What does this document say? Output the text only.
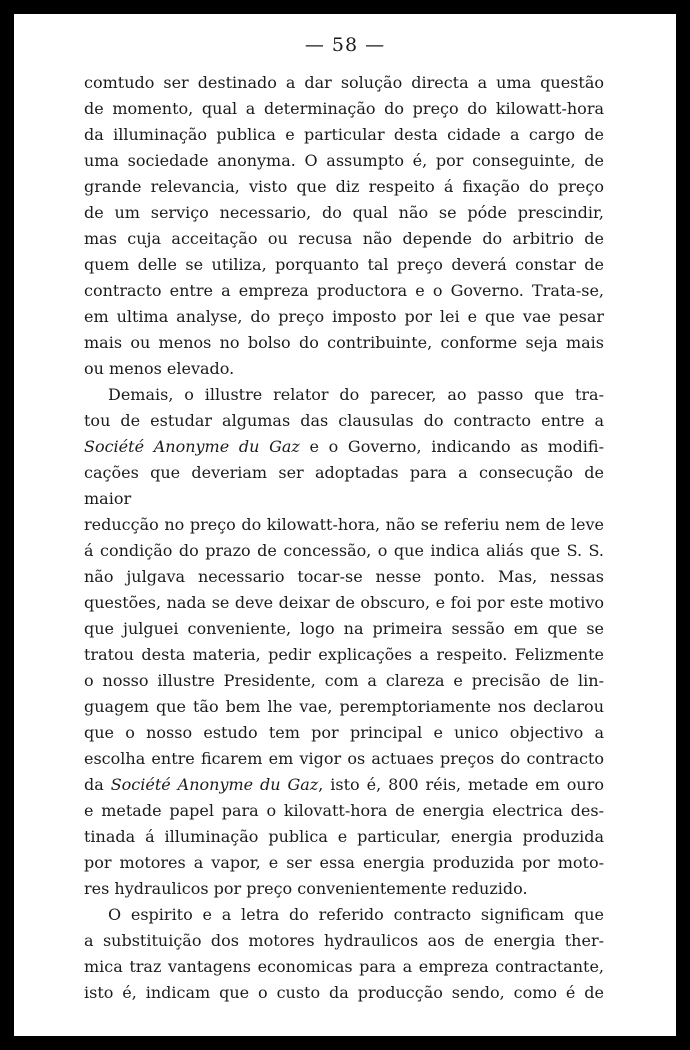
— 58 —

comtudo ser destinado a dar solução directa a uma questão

de momento, qual a determinação do preço do kilowatt-hora

da illuminação publica e particular desta cidade a cargo de

uma sociedade anonyma. O assumpto é, por conseguinte, de

grande relevancia, visto que diz respeito á fixação do preço

de um serviço necessario, do qual não se póde prescindir,

mas cuja acceitação ou recusa não depende do arbitrio de

quem delle se utiliza, porquanto tal preço deverá constar de

contracto entre a empreza productora e o Governo. Trata-se,

em ultima analyse, do preço imposto por lei e que vae pesar

mais ou menos no bolso do contribuinte, conforme seja mais

ou menos elevado.

Demais, o illustre relator do parecer, ao passo que tra-

tou de estudar algumas das clausulas do contracto entre a

Société Anonyme du Gaz e o Governo, indicando as modifi-

cações que deveriam ser adoptadas para a consecução de maior

reducção no preço do kilowatt-hora, não se referiu nem de leve

á condição do prazo de concessão, o que indica aliás que S. S.

não julgava necessario tocar-se nesse ponto. Mas, nessas

questões, nada se deve deixar de obscuro, e foi por este motivo

que julguei conveniente, logo na primeira sessão em que se

tratou desta materia, pedir explicações a respeito. Felizmente

o nosso illustre Presidente, com a clareza e precisão de lin-

guagem que tão bem lhe vae, peremptoriamente nos declarou

que o nosso estudo tem por principal e unico objectivo a

escolha entre ficarem em vigor os actuaes preços do contracto

da Société Anonyme du Gaz, isto é, 800 réis, metade em ouro

e metade papel para o kilovatt-hora de energia electrica des-

tinada á illuminação publica e particular, energia produzida

por motores a vapor, e ser essa energia produzida por moto-

res hydraulicos por preço convenientemente reduzido.

O espirito e a letra do referido contracto significam que

a substituição dos motores hydraulicos aos de energia ther-

mica traz vantagens economicas para a empreza contractante,

isto é, indicam que o custo da producção sendo, como é de
